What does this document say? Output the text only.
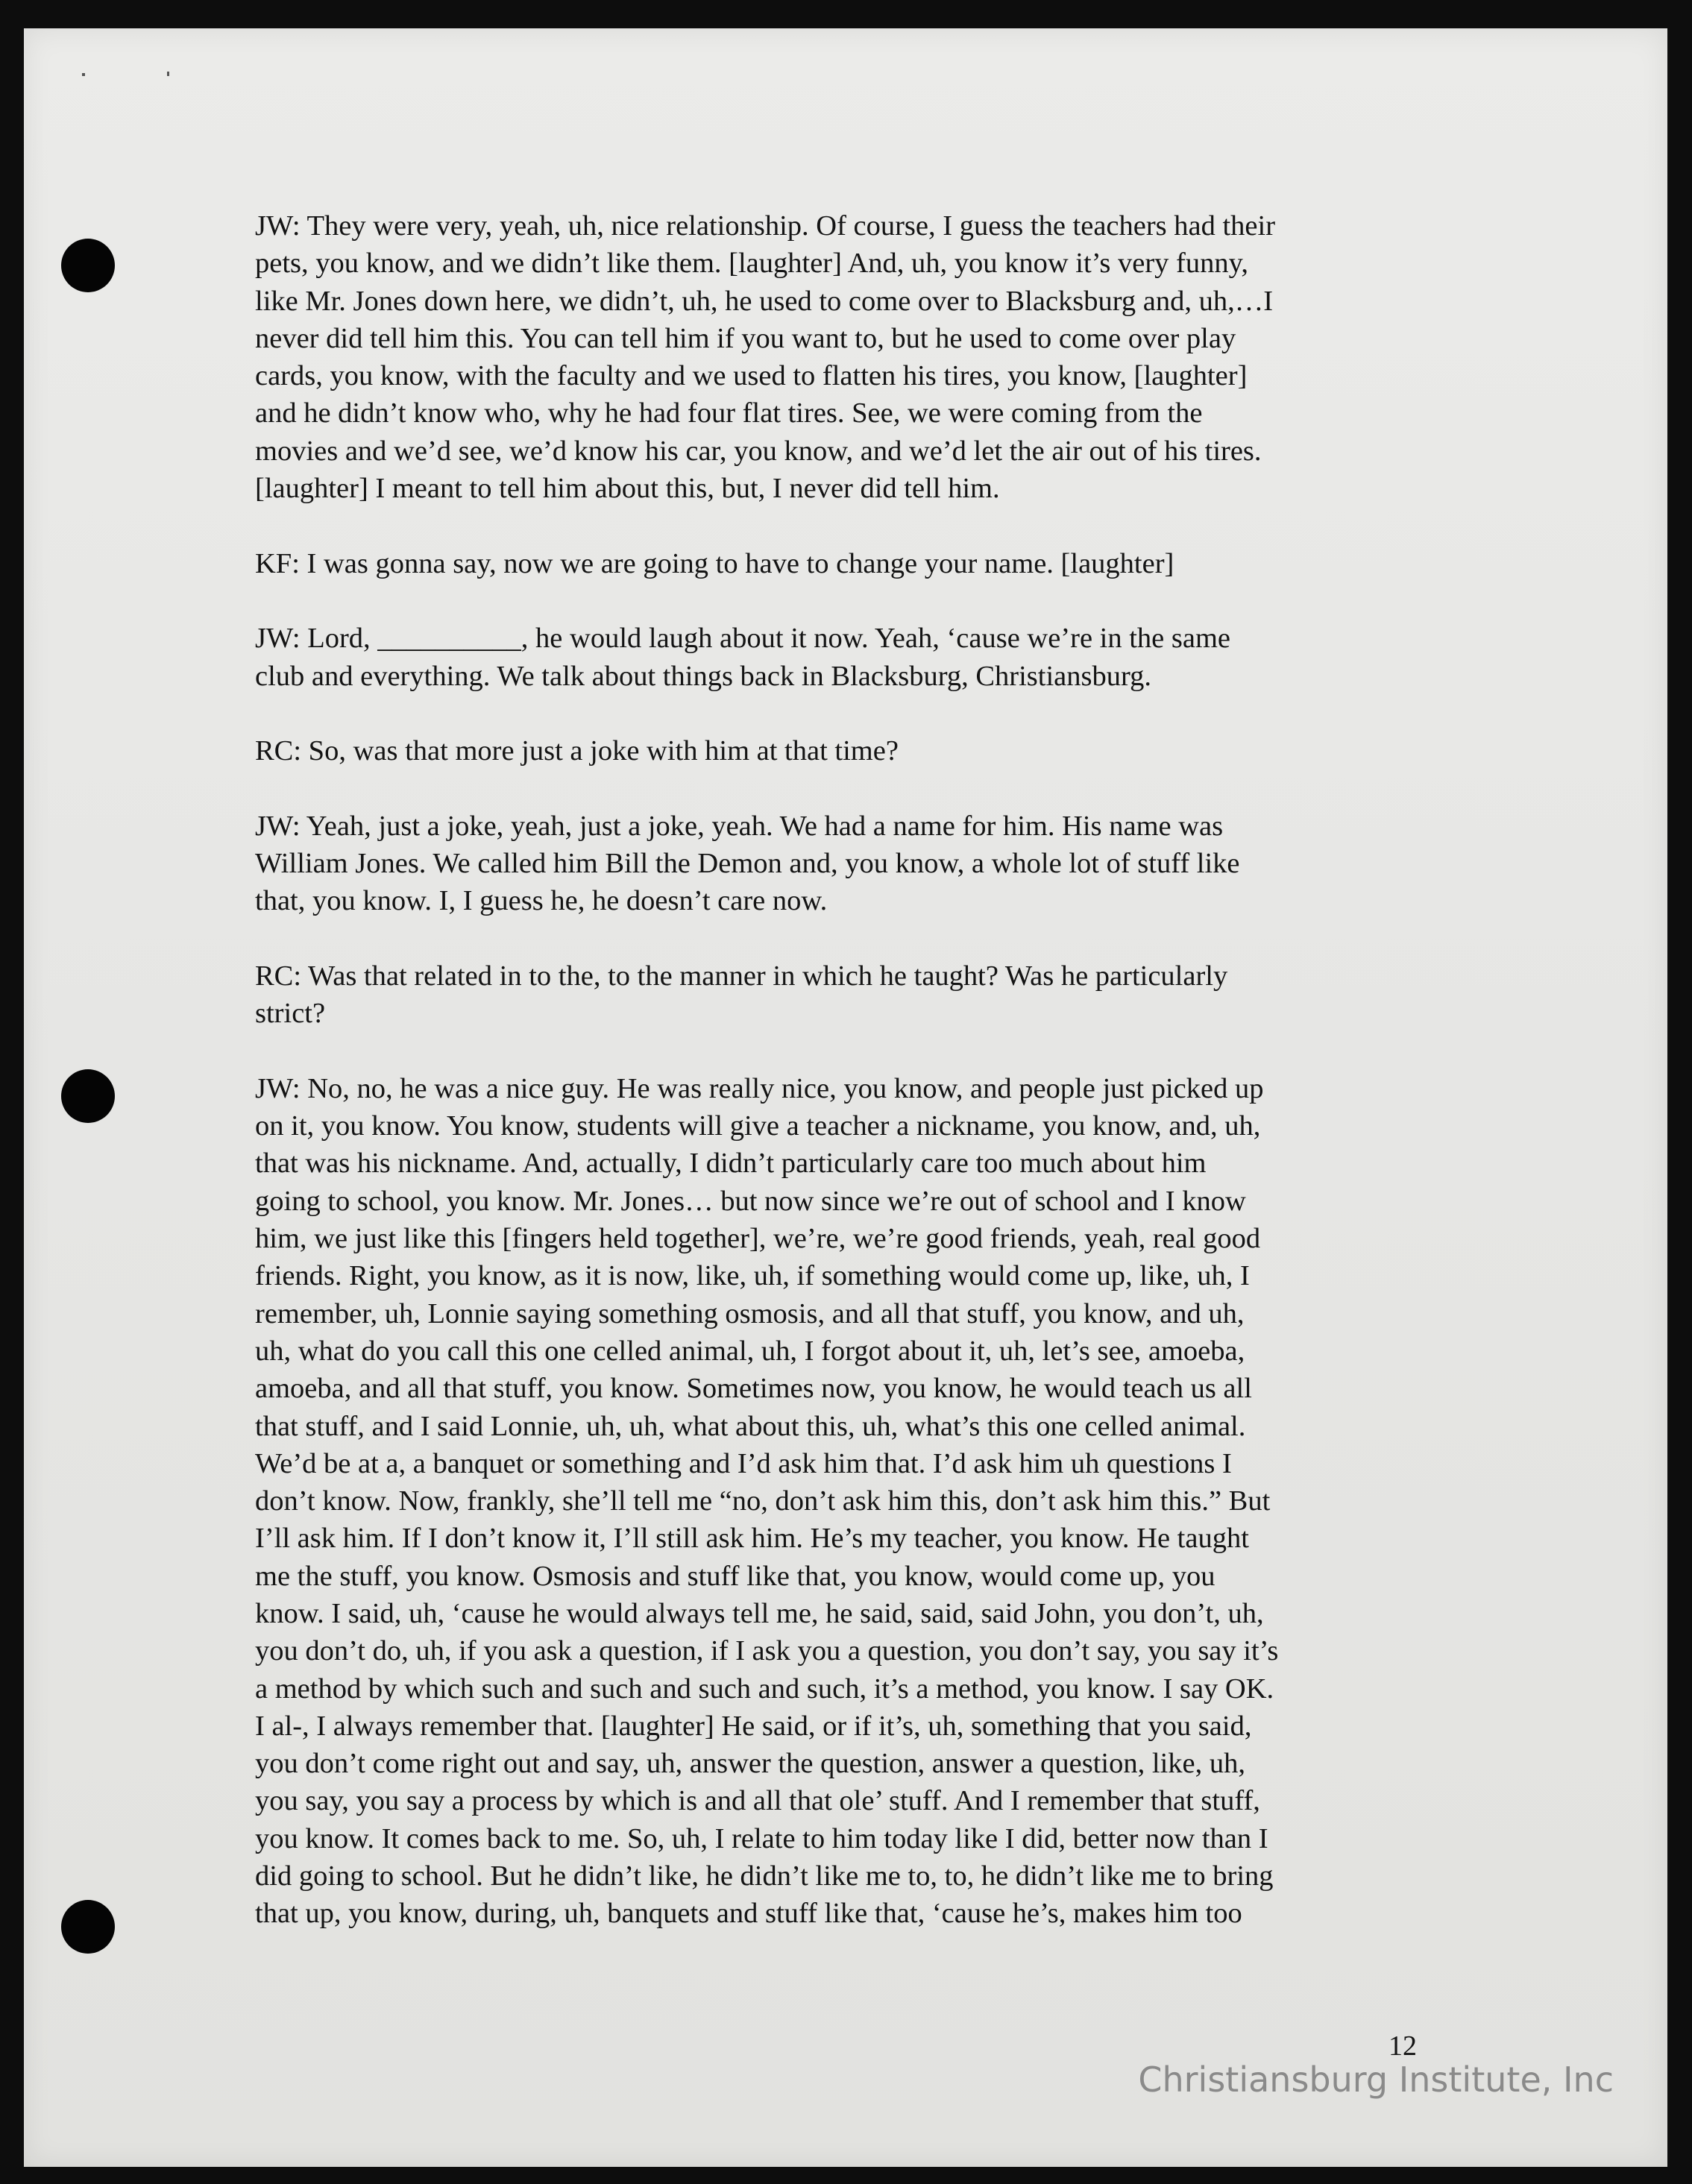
JW: They were very, yeah, uh, nice relationship. Of course, I guess the teachers had their
pets, you know, and we didn’t like them. [laughter] And, uh, you know it’s very funny,
like Mr. Jones down here, we didn’t, uh, he used to come over to Blacksburg and, uh,…I
never did tell him this. You can tell him if you want to, but he used to come over play
cards, you know, with the faculty and we used to flatten his tires, you know, [laughter]
and he didn’t know who, why he had four flat tires. See, we were coming from the
movies and we’d see, we’d know his car, you know, and we’d let the air out of his tires.
[laughter] I meant to tell him about this, but, I never did tell him.

KF: I was gonna say, now we are going to have to change your name. [laughter]

JW: Lord, __________, he would laugh about it now. Yeah, ‘cause we’re in the same
club and everything. We talk about things back in Blacksburg, Christiansburg.

RC: So, was that more just a joke with him at that time?

JW: Yeah, just a joke, yeah, just a joke, yeah. We had a name for him. His name was
William Jones. We called him Bill the Demon and, you know, a whole lot of stuff like
that, you know. I, I guess he, he doesn’t care now.

RC: Was that related in to the, to the manner in which he taught? Was he particularly
strict?

JW: No, no, he was a nice guy. He was really nice, you know, and people just picked up
on it, you know. You know, students will give a teacher a nickname, you know, and, uh,
that was his nickname. And, actually, I didn’t particularly care too much about him
going to school, you know. Mr. Jones… but now since we’re out of school and I know
him, we just like this [fingers held together], we’re, we’re good friends, yeah, real good
friends. Right, you know, as it is now, like, uh, if something would come up, like, uh, I
remember, uh, Lonnie saying something osmosis, and all that stuff, you know, and uh,
uh, what do you call this one celled animal, uh, I forgot about it, uh, let’s see, amoeba,
amoeba, and all that stuff, you know. Sometimes now, you know, he would teach us all
that stuff, and I said Lonnie, uh, uh, what about this, uh, what’s this one celled animal.
We’d be at a, a banquet or something and I’d ask him that. I’d ask him uh questions I
don’t know. Now, frankly, she’ll tell me “no, don’t ask him this, don’t ask him this.” But
I’ll ask him. If I don’t know it, I’ll still ask him. He’s my teacher, you know. He taught
me the stuff, you know. Osmosis and stuff like that, you know, would come up, you
know. I said, uh, ‘cause he would always tell me, he said, said, said John, you don’t, uh,
you don’t do, uh, if you ask a question, if I ask you a question, you don’t say, you say it’s
a method by which such and such and such and such, it’s a method, you know. I say OK.
I al-, I always remember that. [laughter] He said, or if it’s, uh, something that you said,
you don’t come right out and say, uh, answer the question, answer a question, like, uh,
you say, you say a process by which is and all that ole’ stuff. And I remember that stuff,
you know. It comes back to me. So, uh, I relate to him today like I did, better now than I
did going to school. But he didn’t like, he didn’t like me to, to, he didn’t like me to bring
that up, you know, during, uh, banquets and stuff like that, ‘cause he’s, makes him too

12
Christiansburg Institute, Inc
